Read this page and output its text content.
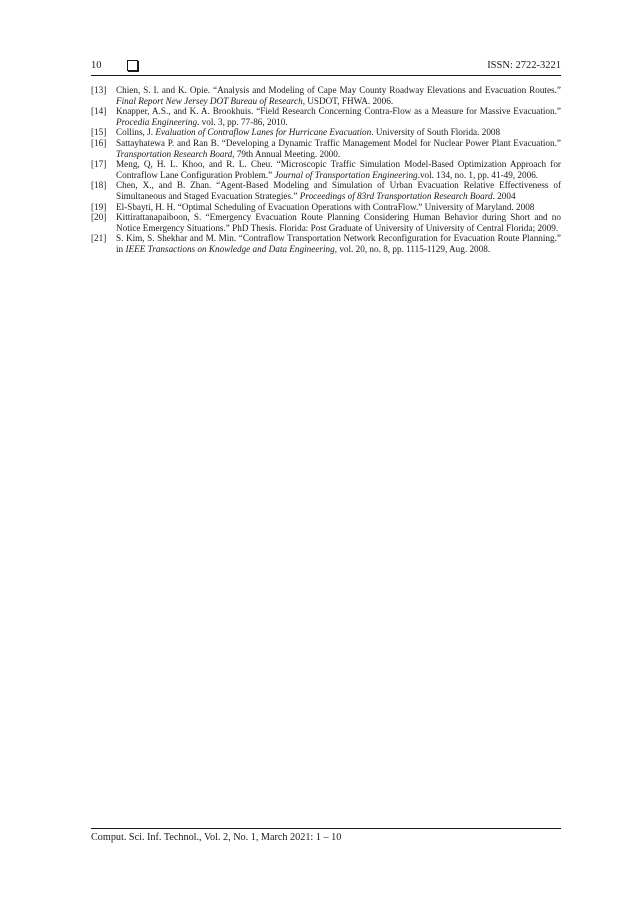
10	ISSN: 2722-3221
[13]	Chien, S. I. and K. Opie. “Analysis and Modeling of Cape May County Roadway Elevations and Evacuation Routes.” Final Report New Jersey DOT Bureau of Research, USDOT, FHWA. 2006.
[14]	Knapper, A.S., and K. A. Brookhuis. “Field Research Concerning Contra-Flow as a Measure for Massive Evacuation.” Procedia Engineering. vol. 3, pp. 77-86, 2010.
[15]	Collins, J. Evaluation of Contraflow Lanes for Hurricane Evacuation. University of South Florida. 2008
[16]	Sattayhatewa P. and Ran B. “Developing a Dynamic Traffic Management Model for Nuclear Power Plant Evacuation.” Transportation Research Board, 79th Annual Meeting. 2000.
[17]	Meng, Q, H. L. Khoo, and R. L. Cheu. “Microscopic Traffic Simulation Model-Based Optimization Approach for Contraflow Lane Configuration Problem.” Journal of Transportation Engineering.vol. 134, no. 1, pp. 41-49, 2006.
[18]	Chen, X., and B. Zhan. “Agent-Based Modeling and Simulation of Urban Evacuation Relative Effectiveness of Simultaneous and Staged Evacuation Strategies.” Proceedings of 83rd Transportation Research Board. 2004
[19]	El-Sbayti, H. H. “Optimal Scheduling of Evacuation Operations with ContraFlow.” University of Maryland. 2008
[20]	Kittirattanapaiboon, S. “Emergency Evacuation Route Planning Considering Human Behavior during Short and no Notice Emergency Situations.” PhD Thesis. Florida: Post Graduate of University of University of Central Florida; 2009.
[21]	S. Kim, S. Shekhar and M. Min. “Contraflow Transportation Network Reconfiguration for Evacuation Route Planning.” in IEEE Transactions on Knowledge and Data Engineering, vol. 20, no. 8, pp. 1115-1129, Aug. 2008.
Comput. Sci. Inf. Technol., Vol. 2, No. 1, March 2021: 1 – 10
